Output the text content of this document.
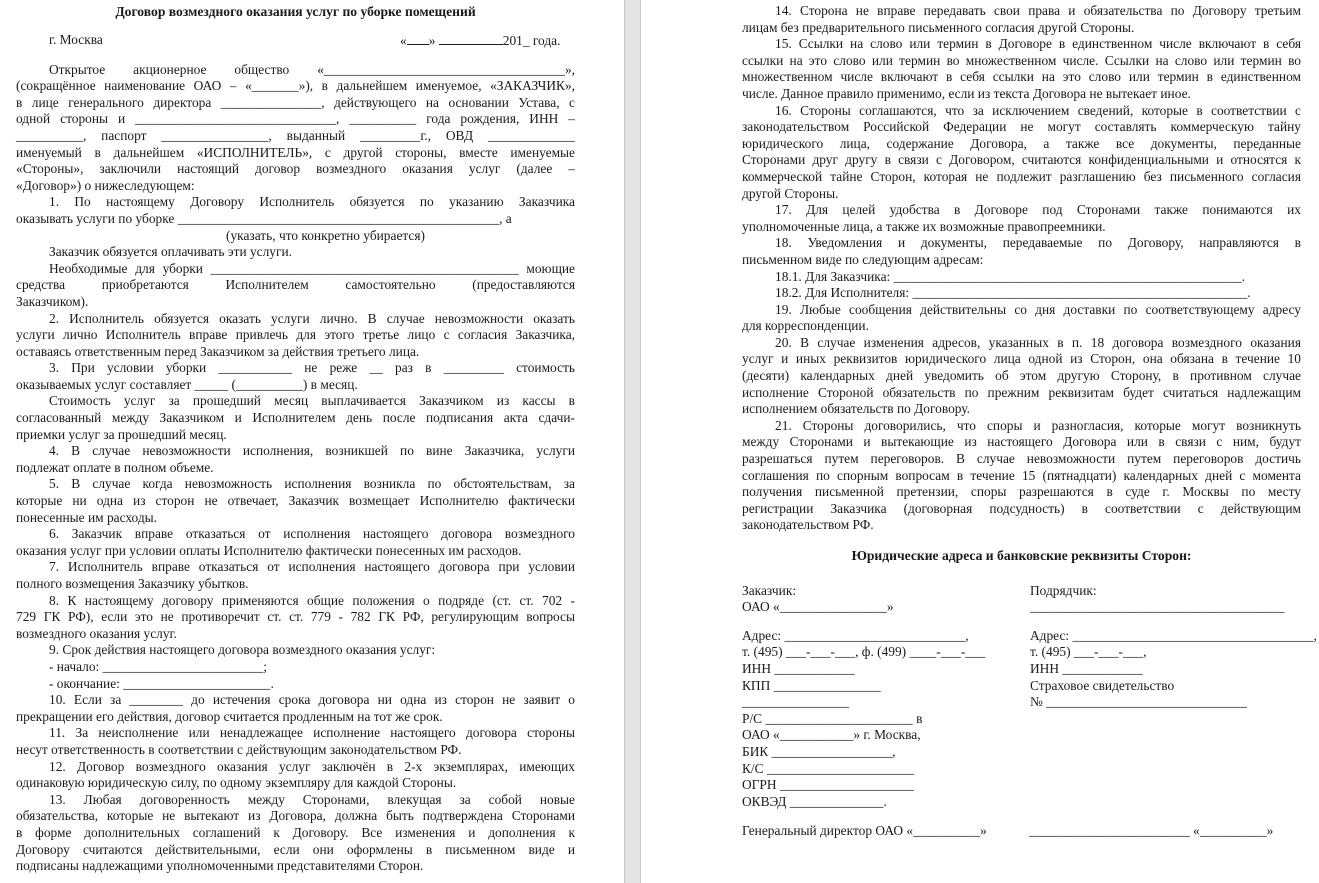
Договор возмездного оказания услуг по уборке помещений
г. Москва	« »	201_ года.
Открытое акционерное общество «____________________________________»,
(сокращённое наименование ОАО – «_______»), в дальнейшем именуемое, «ЗАКАЗЧИК»,
в лице генерального директора _______________, действующего на основании Устава, с
одной стороны и ______________________________, __________ года рождения, ИНН –
__________, паспорт ________________, выданный _________г., ОВД _____________
именуемый в дальнейшем «ИСПОЛНИТЕЛЬ», с другой стороны, вместе именуемые
«Стороны», заключили настоящий договор возмездного оказания услуг (далее –
«Договор») о нижеследующем:
1. По настоящему Договору Исполнитель обязуется по указанию Заказчика
оказывать услуги по уборке ________________________________________________, а
(указать, что конкретно убирается)
Заказчик обязуется оплачивать эти услуги.
Необходимые для уборки ______________________________________________ моющие
средства приобретаются Исполнителем самостоятельно (предоставляются
Заказчиком).
2. Исполнитель обязуется оказать услуги лично. В случае невозможности оказать
услуги лично Исполнитель вправе привлечь для этого третье лицо с согласия Заказчика,
оставаясь ответственным перед Заказчиком за действия третьего лица.
3. При условии уборки ___________ не реже __ раз в _________ стоимость
оказываемых услуг составляет _____ (__________) в месяц.
Стоимость услуг за прошедший месяц выплачивается Заказчиком из кассы в
согласованный между Заказчиком и Исполнителем день после подписания акта сдачи-
приемки услуг за прошедший месяц.
4. В случае невозможности исполнения, возникшей по вине Заказчика, услуги
подлежат оплате в полном объеме.
5. В случае когда невозможность исполнения возникла по обстоятельствам, за
которые ни одна из сторон не отвечает, Заказчик возмещает Исполнителю фактически
понесенные им расходы.
6. Заказчик вправе отказаться от исполнения настоящего договора возмездного
оказания услуг при условии оплаты Исполнителю фактически понесенных им расходов.
7. Исполнитель вправе отказаться от исполнения настоящего договора при условии
полного возмещения Заказчику убытков.
8. К настоящему договору применяются общие положения о подряде (ст. ст. 702 -
729 ГК РФ), если это не противоречит ст. ст. 779 - 782 ГК РФ, регулирующим вопросы
возмездного оказания услуг.
9. Срок действия настоящего договора возмездного оказания услуг:
- начало: ________________________;
- окончание: ______________________.
10. Если за ________ до истечения срока договора ни одна из сторон не заявит о
прекращении его действия, договор считается продленным на тот же срок.
11. За неисполнение или ненадлежащее исполнение настоящего договора стороны
несут ответственность в соответствии с действующим законодательством РФ.
12. Договор возмездного оказания услуг заключён в 2-х экземплярах, имеющих
одинаковую юридическую силу, по одному экземпляру для каждой Стороны.
13. Любая договоренность между Сторонами, влекущая за собой новые
обязательства, которые не вытекают из Договора, должна быть подтверждена Сторонами
в форме дополнительных соглашений к Договору. Все изменения и дополнения к
Договору считаются действительными, если они оформлены в письменном виде и
подписаны надлежащими уполномоченными представителями Сторон.
14. Сторона не вправе передавать свои права и обязательства по Договору третьим
лицам без предварительного письменного согласия другой Стороны.
15. Ссылки на слово или термин в Договоре в единственном числе включают в себя
ссылки на это слово или термин во множественном числе. Ссылки на слово или термин во
множественном числе включают в себя ссылки на это слово или термин в единственном
числе. Данное правило применимо, если из текста Договора не вытекает иное.
16. Стороны соглашаются, что за исключением сведений, которые в соответствии с
законодательством Российской Федерации не могут составлять коммерческую тайну
юридического лица, содержание Договора, а также все документы, переданные
Сторонами друг другу в связи с Договором, считаются конфиденциальными и относятся к
коммерческой тайне Сторон, которая не подлежит разглашению без письменного согласия
другой Стороны.
17. Для целей удобства в Договоре под Сторонами также понимаются их
уполномоченные лица, а также их возможные правопреемники.
18. Уведомления и документы, передаваемые по Договору, направляются в
письменном виде по следующим адресам:
18.1. Для Заказчика: ____________________________________________________.
18.2. Для Исполнителя: __________________________________________________.
19. Любые сообщения действительны со дня доставки по соответствующему адресу
для корреспонденции.
20. В случае изменения адресов, указанных в п. 18 договора возмездного оказания
услуг и иных реквизитов юридического лица одной из Сторон, она обязана в течение 10
(десяти) календарных дней уведомить об этом другую Сторону, в противном случае
исполнение Стороной обязательств по прежним реквизитам будет считаться надлежащим
исполнением обязательств по Договору.
21. Стороны договорились, что споры и разногласия, которые могут возникнуть
между Сторонами и вытекающие из настоящего Договора или в связи с ним, будут
разрешаться путем переговоров. В случае невозможности путем переговоров достичь
соглашения по спорным вопросам в течение 15 (пятнадцати) календарных дней с момента
получения письменной претензии, споры разрешаются в суде г. Москвы по месту
регистрации Заказчика (договорная подсудность) в соответствии с действующим
законодательством РФ.
Юридические адреса и банковские реквизиты Сторон:
Заказчик:
ОАО «________________»
Адрес: ___________________________,
т. (495) ___-___-___, ф. (499) ____-___-___
ИНН ____________
КПП ________________
________________
Р/С ______________________ в
ОАО «___________» г. Москва,
БИК __________________,
К/С ______________________
ОГРН ____________________
ОКВЭД ______________.
Подрядчик:
______________________________________
Адрес: ____________________________________,
т. (495) ___-___-___,
ИНН ____________
Страховое свидетельство
№ ______________________________
Генеральный директор ОАО «__________»	________________________ «__________»
